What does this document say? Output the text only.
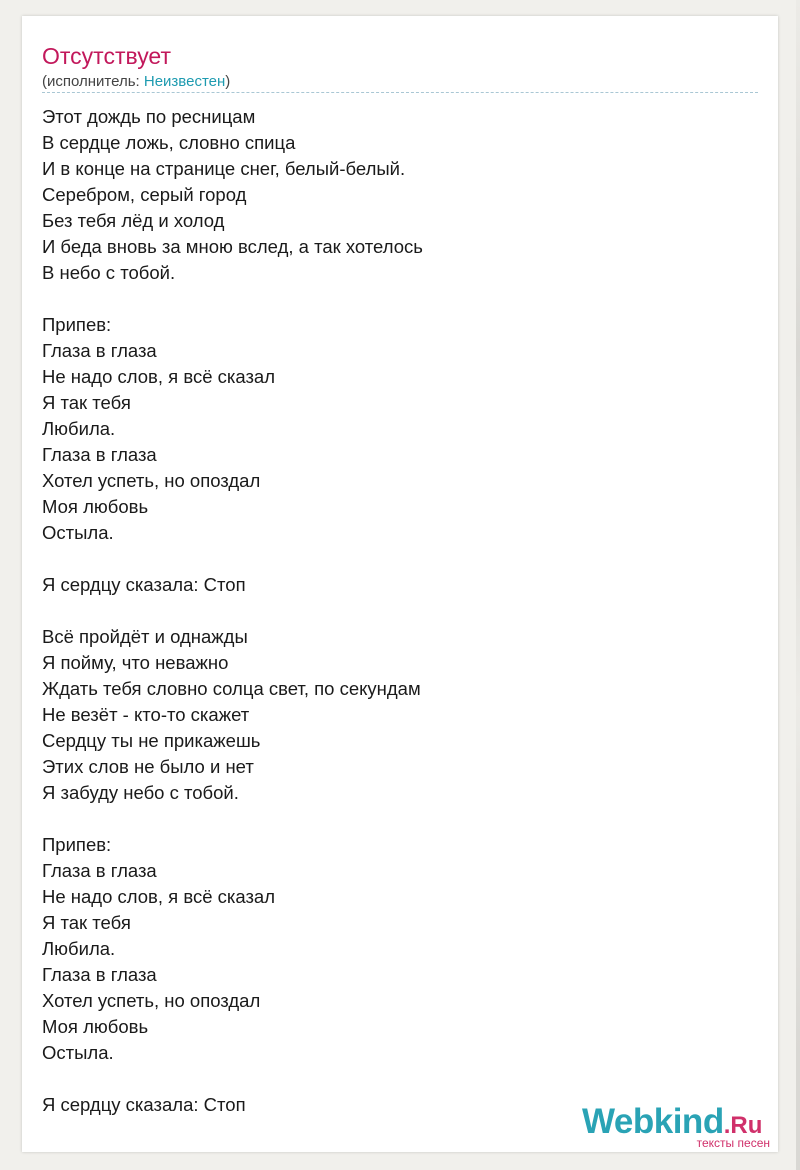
Отсутствует
(исполнитель: Неизвестен)
Этот дождь по ресницам
В сердце ложь, словно спица
И в конце на странице снег, белый-белый.
Серебром, серый город
Без тебя лёд и холод
И беда вновь за мною вслед, а так хотелось
В небо с тобой.
Припев:
Глаза в глаза
Не надо слов, я всё сказал
Я так тебя
Любила.
Глаза в глаза
Хотел успеть, но опоздал
Моя любовь
Остыла.
Я сердцу сказала: Стоп
Всё пройдёт и однажды
Я пойму, что неважно
Ждать тебя словно солца свет, по секундам
Не везёт - кто-то скажет
Сердцу ты не прикажешь
Этих слов не было и нет
Я забуду небо с тобой.
Припев:
Глаза в глаза
Не надо слов, я всё сказал
Я так тебя
Любила.
Глаза в глаза
Хотел успеть, но опоздал
Моя любовь
Остыла.
Я сердцу сказала: Стоп	Webkind.Ru
тексты песен
